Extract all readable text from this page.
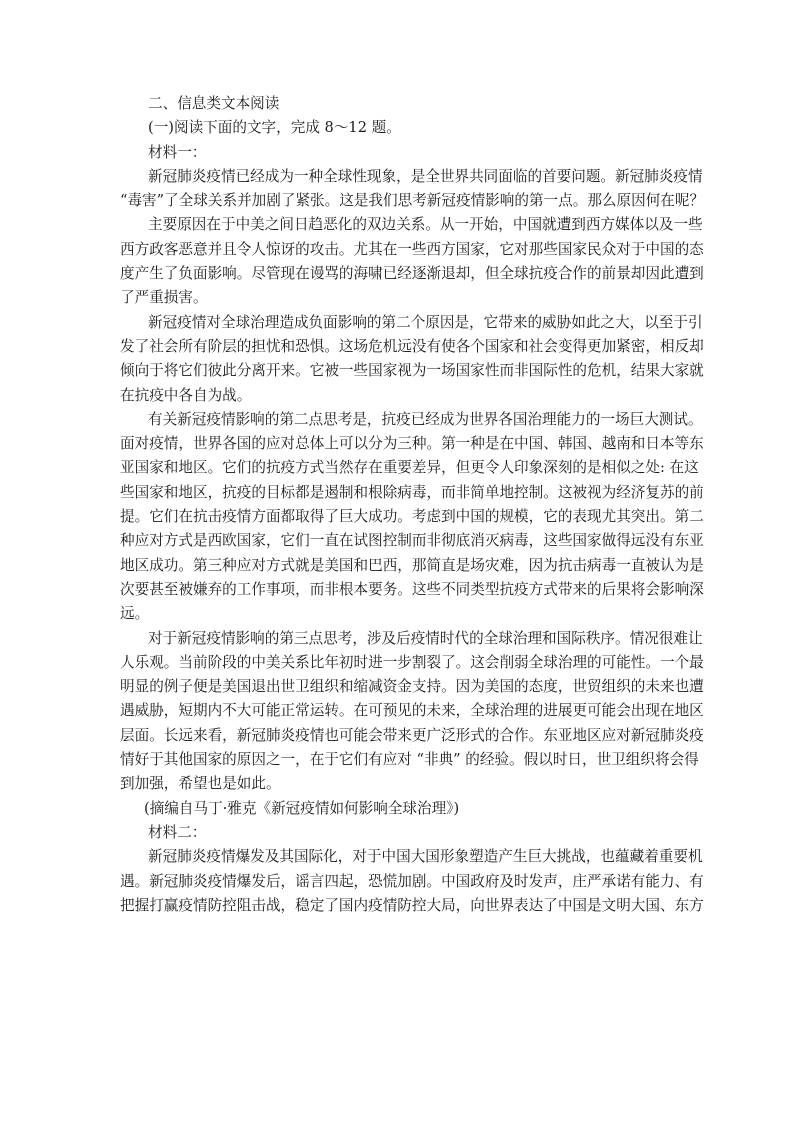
二、信息类文本阅读

(一)阅读下面的文字，完成 8～12 题。

材料一：

新冠肺炎疫情已经成为一种全球性现象，是全世界共同面临的首要问题。新冠肺炎疫情

“毒害”了全球关系并加剧了紧张。这是我们思考新冠疫情影响的第一点。那么原因何在呢？

主要原因在于中美之间日趋恶化的双边关系。从一开始，中国就遭到西方媒体以及一些

西方政客恶意并且令人惊讶的攻击。尤其在一些西方国家，它对那些国家民众对于中国的态

度产生了负面影响。尽管现在谩骂的海啸已经逐渐退却，但全球抗疫合作的前景却因此遭到

了严重损害。

新冠疫情对全球治理造成负面影响的第二个原因是，它带来的威胁如此之大，以至于引

发了社会所有阶层的担忧和恐惧。这场危机远没有使各个国家和社会变得更加紧密，相反却

倾向于将它们彼此分离开来。它被一些国家视为一场国家性而非国际性的危机，结果大家就

在抗疫中各自为战。

有关新冠疫情影响的第二点思考是，抗疫已经成为世界各国治理能力的一场巨大测试。

面对疫情，世界各国的应对总体上可以分为三种。第一种是在中国、韩国、越南和日本等东

亚国家和地区。它们的抗疫方式当然存在重要差异，但更令人印象深刻的是相似之处: 在这

些国家和地区，抗疫的目标都是遏制和根除病毒，而非简单地控制。这被视为经济复苏的前

提。它们在抗击疫情方面都取得了巨大成功。考虑到中国的规模，它的表现尤其突出。第二

种应对方式是西欧国家，它们一直在试图控制而非彻底消灭病毒，这些国家做得远没有东亚

地区成功。第三种应对方式就是美国和巴西，那简直是场灾难，因为抗击病毒一直被认为是

次要甚至被嫌弃的工作事项，而非根本要务。这些不同类型抗疫方式带来的后果将会影响深

远。

对于新冠疫情影响的第三点思考，涉及后疫情时代的全球治理和国际秩序。情况很难让

人乐观。当前阶段的中美关系比年初时进一步割裂了。这会削弱全球治理的可能性。一个最

明显的例子便是美国退出世卫组织和缩减资金支持。因为美国的态度，世贸组织的未来也遭

遇威胁，短期内不大可能正常运转。在可预见的未来，全球治理的进展更可能会出现在地区

层面。长远来看，新冠肺炎疫情也可能会带来更广泛形式的合作。东亚地区应对新冠肺炎疫

情好于其他国家的原因之一，在于它们有应对 “非典” 的经验。假以时日，世卫组织将会得

到加强，希望也是如此。

(摘编自马丁·雅克《新冠疫情如何影响全球治理》)

材料二：

新冠肺炎疫情爆发及其国际化，对于中国大国形象塑造产生巨大挑战，也蕴藏着重要机

遇。新冠肺炎疫情爆发后，谣言四起，恐慌加剧。中国政府及时发声，庄严承诺有能力、有

把握打赢疫情防控阻击战，稳定了国内疫情防控大局，向世界表达了中国是文明大国、东方
